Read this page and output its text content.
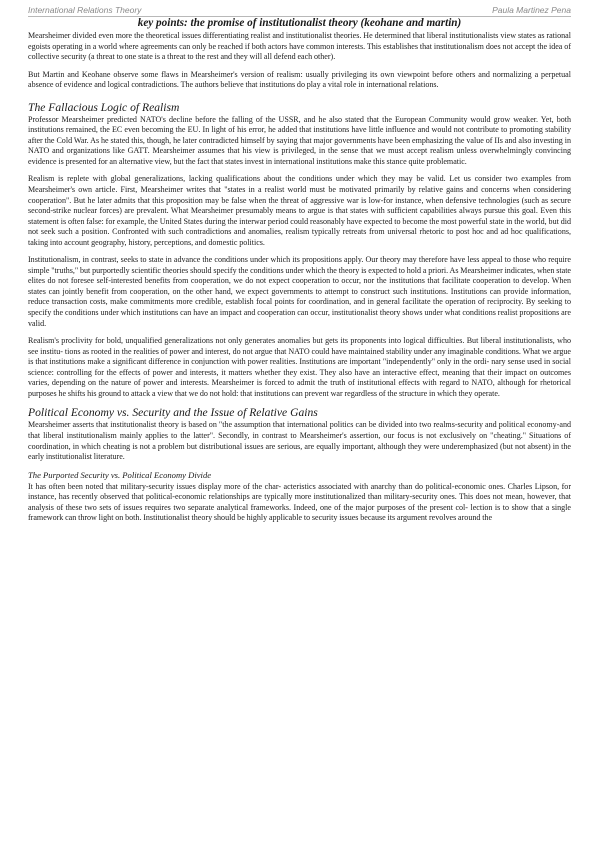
International Relations Theory	Paula Martinez Pena
key points: the promise of institutionalist theory (keohane and martin)

Mearsheimer divided even more the theoretical issues differentiating realist and institutionalist theories. He determined that liberal institutionalists view states as rational egoists operating in a world where agreements can only be reached if both actors have common interests. This establishes that institutionalism does not accept the idea of collective security (a threat to one state is a threat to the rest and they will all defend each other).

But Martin and Keohane observe some flaws in Mearsheimer's version of realism: usually privileging its own viewpoint before others and normalizing a perpetual absence of evidence and logical contradictions. The authors believe that institutions do play a vital role in international relations.

The Fallacious Logic of Realism

Professor Mearsheimer predicted NATO's decline before the falling of the USSR, and he also stated that the European Community would grow weaker. Yet, both institutions remained, the EC even becoming the EU. In light of his error, he added that institutions have little influence and would not contribute to promoting stability after the Cold War. As he stated this, though, he later contradicted himself by saying that major governments have been emphasizing the value of IIs and also investing in NATO and organizations like GATT. Mearsheimer assumes that his view is privileged, in the sense that we must accept realism unless overwhelmingly convincing evidence is presented for an alternative view, but the fact that states invest in international institutions make this stance quite problematic.

Realism is replete with global generalizations, lacking qualifications about the conditions under which they may be valid. Let us consider two examples from Mearsheimer's own article. First, Mearsheimer writes that "states in a realist world must be motivated primarily by relative gains and concerns when considering cooperation". But he later admits that this proposition may be false when the threat of aggressive war is low-for instance, when defensive technologies (such as secure second-strike nuclear forces) are prevalent. What Mearsheimer presumably means to argue is that states with sufficient capabilities always pursue this goal. Even this statement is often false: for example, the United States during the interwar period could reasonably have expected to become the most powerful state in the world, but did not seek such a position. Confronted with such contradictions and anomalies, realism typically retreats from universal rhetoric to post hoc and ad hoc qualifications, taking into account geography, history, perceptions, and domestic politics.

Institutionalism, in contrast, seeks to state in advance the conditions under which its propositions apply. Our theory may therefore have less appeal to those who require simple "truths," but purportedly scientific theories should specify the conditions under which the theory is expected to hold a priori. As Mearsheimer indicates, when state elites do not foresee self-interested benefits from cooperation, we do not expect cooperation to occur, nor the institutions that facilitate cooperation to develop. When states can jointly benefit from cooperation, on the other hand, we expect governments to attempt to construct such institutions. Institutions can provide information, reduce transaction costs, make commitments more credible, establish focal points for coordination, and in general facilitate the operation of reciprocity. By seeking to specify the conditions under which institutions can have an impact and cooperation can occur, institutionalist theory shows under what conditions realist propositions are valid.

Realism's proclivity for bold, unqualified generalizations not only generates anomalies but gets its proponents into logical difficulties. But liberal institutionalists, who see institu- tions as rooted in the realities of power and interest, do not argue that NATO could have maintained stability under any imaginable conditions. What we argue is that institutions make a significant difference in conjunction with power realities. Institutions are important "independently" only in the ordi- nary sense used in social science: controlling for the effects of power and interests, it matters whether they exist. They also have an interactive effect, meaning that their impact on outcomes varies, depending on the nature of power and interests. Mearsheimer is forced to admit the truth of institutional effects with regard to NATO, although for rhetorical purposes he shifts his ground to attack a view that we do not hold: that institutions can prevent war regardless of the structure in which they operate.

Political Economy vs. Security and the Issue of Relative Gains

Mearsheimer asserts that institutionalist theory is based on "the assumption that international politics can be divided into two realms-security and political economy-and that liberal institutionalism mainly applies to the latter". Secondly, in contrast to Mearsheimer's assertion, our focus is not exclusively on "cheating." Situations of coordination, in which cheating is not a problem but distributional issues are serious, are equally important, although they were underemphasized (but not absent) in the early institutionalist literature.

The Purported Security vs. Political Economy Divide

It has often been noted that military-security issues display more of the char- acteristics associated with anarchy than do political-economic ones. Charles Lipson, for instance, has recently observed that political-economic relationships are typically more institutionalized than military-security ones. This does not mean, however, that analysis of these two sets of issues requires two separate analytical frameworks. Indeed, one of the major purposes of the present col- lection is to show that a single framework can throw light on both. Institutionalist theory should be highly applicable to security issues because its argument revolves around the
